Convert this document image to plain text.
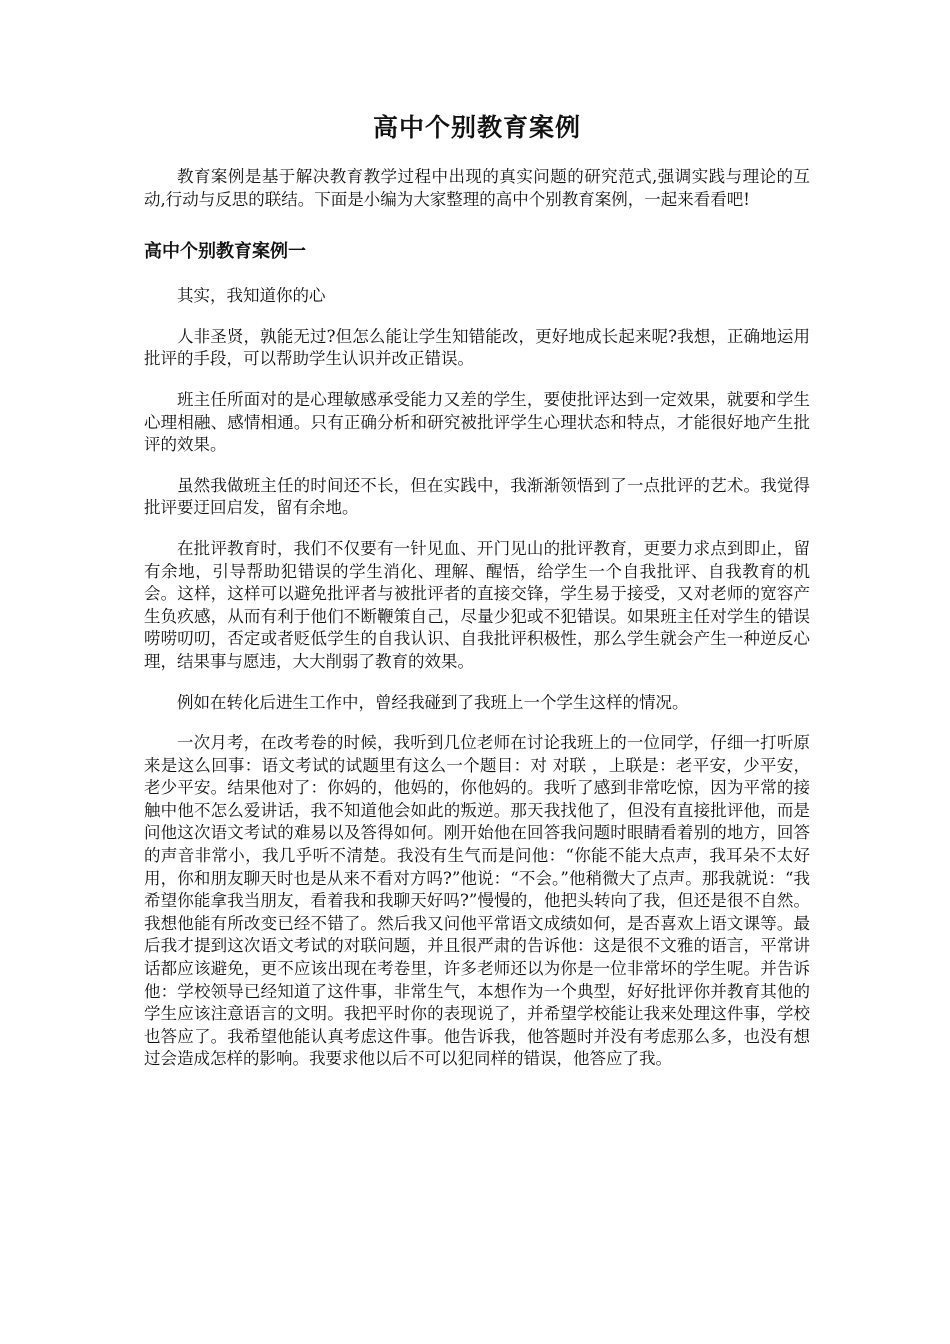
高中个别教育案例

教育案例是基于解决教育教学过程中出现的真实问题的研究范式,强调实践与理论的互动,行动与反思的联结。下面是小编为大家整理的高中个别教育案例，一起来看看吧!

高中个别教育案例一

其实，我知道你的心

人非圣贤，孰能无过?但怎么能让学生知错能改，更好地成长起来呢?我想，正确地运用批评的手段，可以帮助学生认识并改正错误。

班主任所面对的是心理敏感承受能力又差的学生，要使批评达到一定效果，就要和学生心理相融、感情相通。只有正确分析和研究被批评学生心理状态和特点，才能很好地产生批评的效果。

虽然我做班主任的时间还不长，但在实践中，我渐渐领悟到了一点批评的艺术。我觉得批评要迂回启发，留有余地。

在批评教育时，我们不仅要有一针见血、开门见山的批评教育，更要力求点到即止，留有余地，引导帮助犯错误的学生消化、理解、醒悟，给学生一个自我批评、自我教育的机会。这样，这样可以避免批评者与被批评者的直接交锋，学生易于接受，又对老师的宽容产生负疚感，从而有利于他们不断鞭策自己，尽量少犯或不犯错误。如果班主任对学生的错误唠唠叨叨，否定或者贬低学生的自我认识、自我批评积极性，那么学生就会产生一种逆反心理，结果事与愿违，大大削弱了教育的效果。

例如在转化后进生工作中，曾经我碰到了我班上一个学生这样的情况。

一次月考，在改考卷的时候，我听到几位老师在讨论我班上的一位同学，仔细一打听原来是这么回事：语文考试的试题里有这么一个题目：对 对联 ，上联是：老平安，少平安，老少平安。结果他对了：你妈的，他妈的，你他妈的。我听了感到非常吃惊，因为平常的接触中他不怎么爱讲话，我不知道他会如此的叛逆。那天我找他了，但没有直接批评他，而是问他这次语文考试的难易以及答得如何。刚开始他在回答我问题时眼睛看着别的地方，回答的声音非常小，我几乎听不清楚。我没有生气而是问他：“你能不能大点声，我耳朵不太好用，你和朋友聊天时也是从来不看对方吗?”他说：“不会。”他稍微大了点声。那我就说：“我希望你能拿我当朋友，看着我和我聊天好吗?”慢慢的，他把头转向了我，但还是很不自然。我想他能有所改变已经不错了。然后我又问他平常语文成绩如何，是否喜欢上语文课等。最后我才提到这次语文考试的对联问题，并且很严肃的告诉他：这是很不文雅的语言，平常讲话都应该避免，更不应该出现在考卷里，许多老师还以为你是一位非常坏的学生呢。并告诉他：学校领导已经知道了这件事，非常生气，本想作为一个典型，好好批评你并教育其他的学生应该注意语言的文明。我把平时你的表现说了，并希望学校能让我来处理这件事，学校也答应了。我希望他能认真考虑这件事。他告诉我，他答题时并没有考虑那么多，也没有想过会造成怎样的影响。我要求他以后不可以犯同样的错误，他答应了我。
